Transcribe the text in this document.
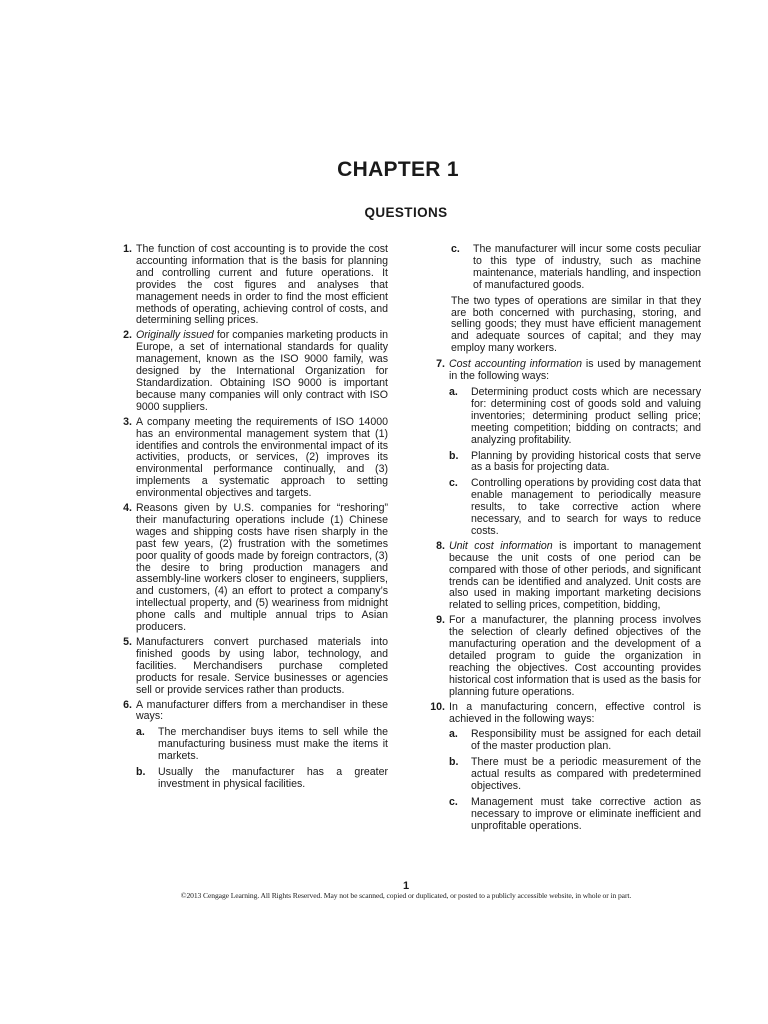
CHAPTER 1
QUESTIONS
1. The function of cost accounting is to provide the cost accounting information that is the basis for planning and controlling current and future operations. It provides the cost figures and analyses that management needs in order to find the most efficient methods of operating, achieving control of costs, and determining selling prices.
2. Originally issued for companies marketing products in Europe, a set of international standards for quality management, known as the ISO 9000 family, was designed by the International Organization for Standardization. Obtaining ISO 9000 is important because many companies will only contract with ISO 9000 suppliers.
3. A company meeting the requirements of ISO 14000 has an environmental management system that (1) identifies and controls the environmental impact of its activities, products, or services, (2) improves its environmental performance continually, and (3) implements a systematic approach to setting environmental objectives and targets.
4. Reasons given by U.S. companies for “reshoring” their manufacturing operations include (1) Chinese wages and shipping costs have risen sharply in the past few years, (2) frustration with the sometimes poor quality of goods made by foreign contractors, (3) the desire to bring production managers and assembly-line workers closer to engineers, suppliers, and customers, (4) an effort to protect a company’s intellectual property, and (5) weariness from midnight phone calls and multiple annual trips to Asian producers.
5. Manufacturers convert purchased materials into finished goods by using labor, technology, and facilities. Merchandisers purchase completed products for resale. Service businesses or agencies sell or provide services rather than products.
6. A manufacturer differs from a merchandiser in these ways:
a. The merchandiser buys items to sell while the manufacturing business must make the items it markets.
b. Usually the manufacturer has a greater investment in physical facilities.
c. The manufacturer will incur some costs peculiar to this type of industry, such as machine maintenance, materials handling, and inspection of manufactured goods.
The two types of operations are similar in that they are both concerned with purchasing, storing, and selling goods; they must have efficient management and adequate sources of capital; and they may employ many workers.
7. Cost accounting information is used by management in the following ways:
a. Determining product costs which are necessary for: determining cost of goods sold and valuing inventories; determining product selling price; meeting competition; bidding on contracts; and analyzing profitability.
b. Planning by providing historical costs that serve as a basis for projecting data.
c. Controlling operations by providing cost data that enable management to periodically measure results, to take corrective action where necessary, and to search for ways to reduce costs.
8. Unit cost information is important to management because the unit costs of one period can be compared with those of other periods, and significant trends can be identified and analyzed. Unit costs are also used in making important marketing decisions related to selling prices, competition, bidding,
9. For a manufacturer, the planning process involves the selection of clearly defined objectives of the manufacturing operation and the development of a detailed program to guide the organization in reaching the objectives. Cost accounting provides historical cost information that is used as the basis for planning future operations.
10. In a manufacturing concern, effective control is achieved in the following ways:
a. Responsibility must be assigned for each detail of the master production plan.
b. There must be a periodic measurement of the actual results as compared with predetermined objectives.
c. Management must take corrective action as necessary to improve or eliminate inefficient and unprofitable operations.
1
©2013 Cengage Learning. All Rights Reserved. May not be scanned, copied or duplicated, or posted to a publicly accessible website, in whole or in part.
